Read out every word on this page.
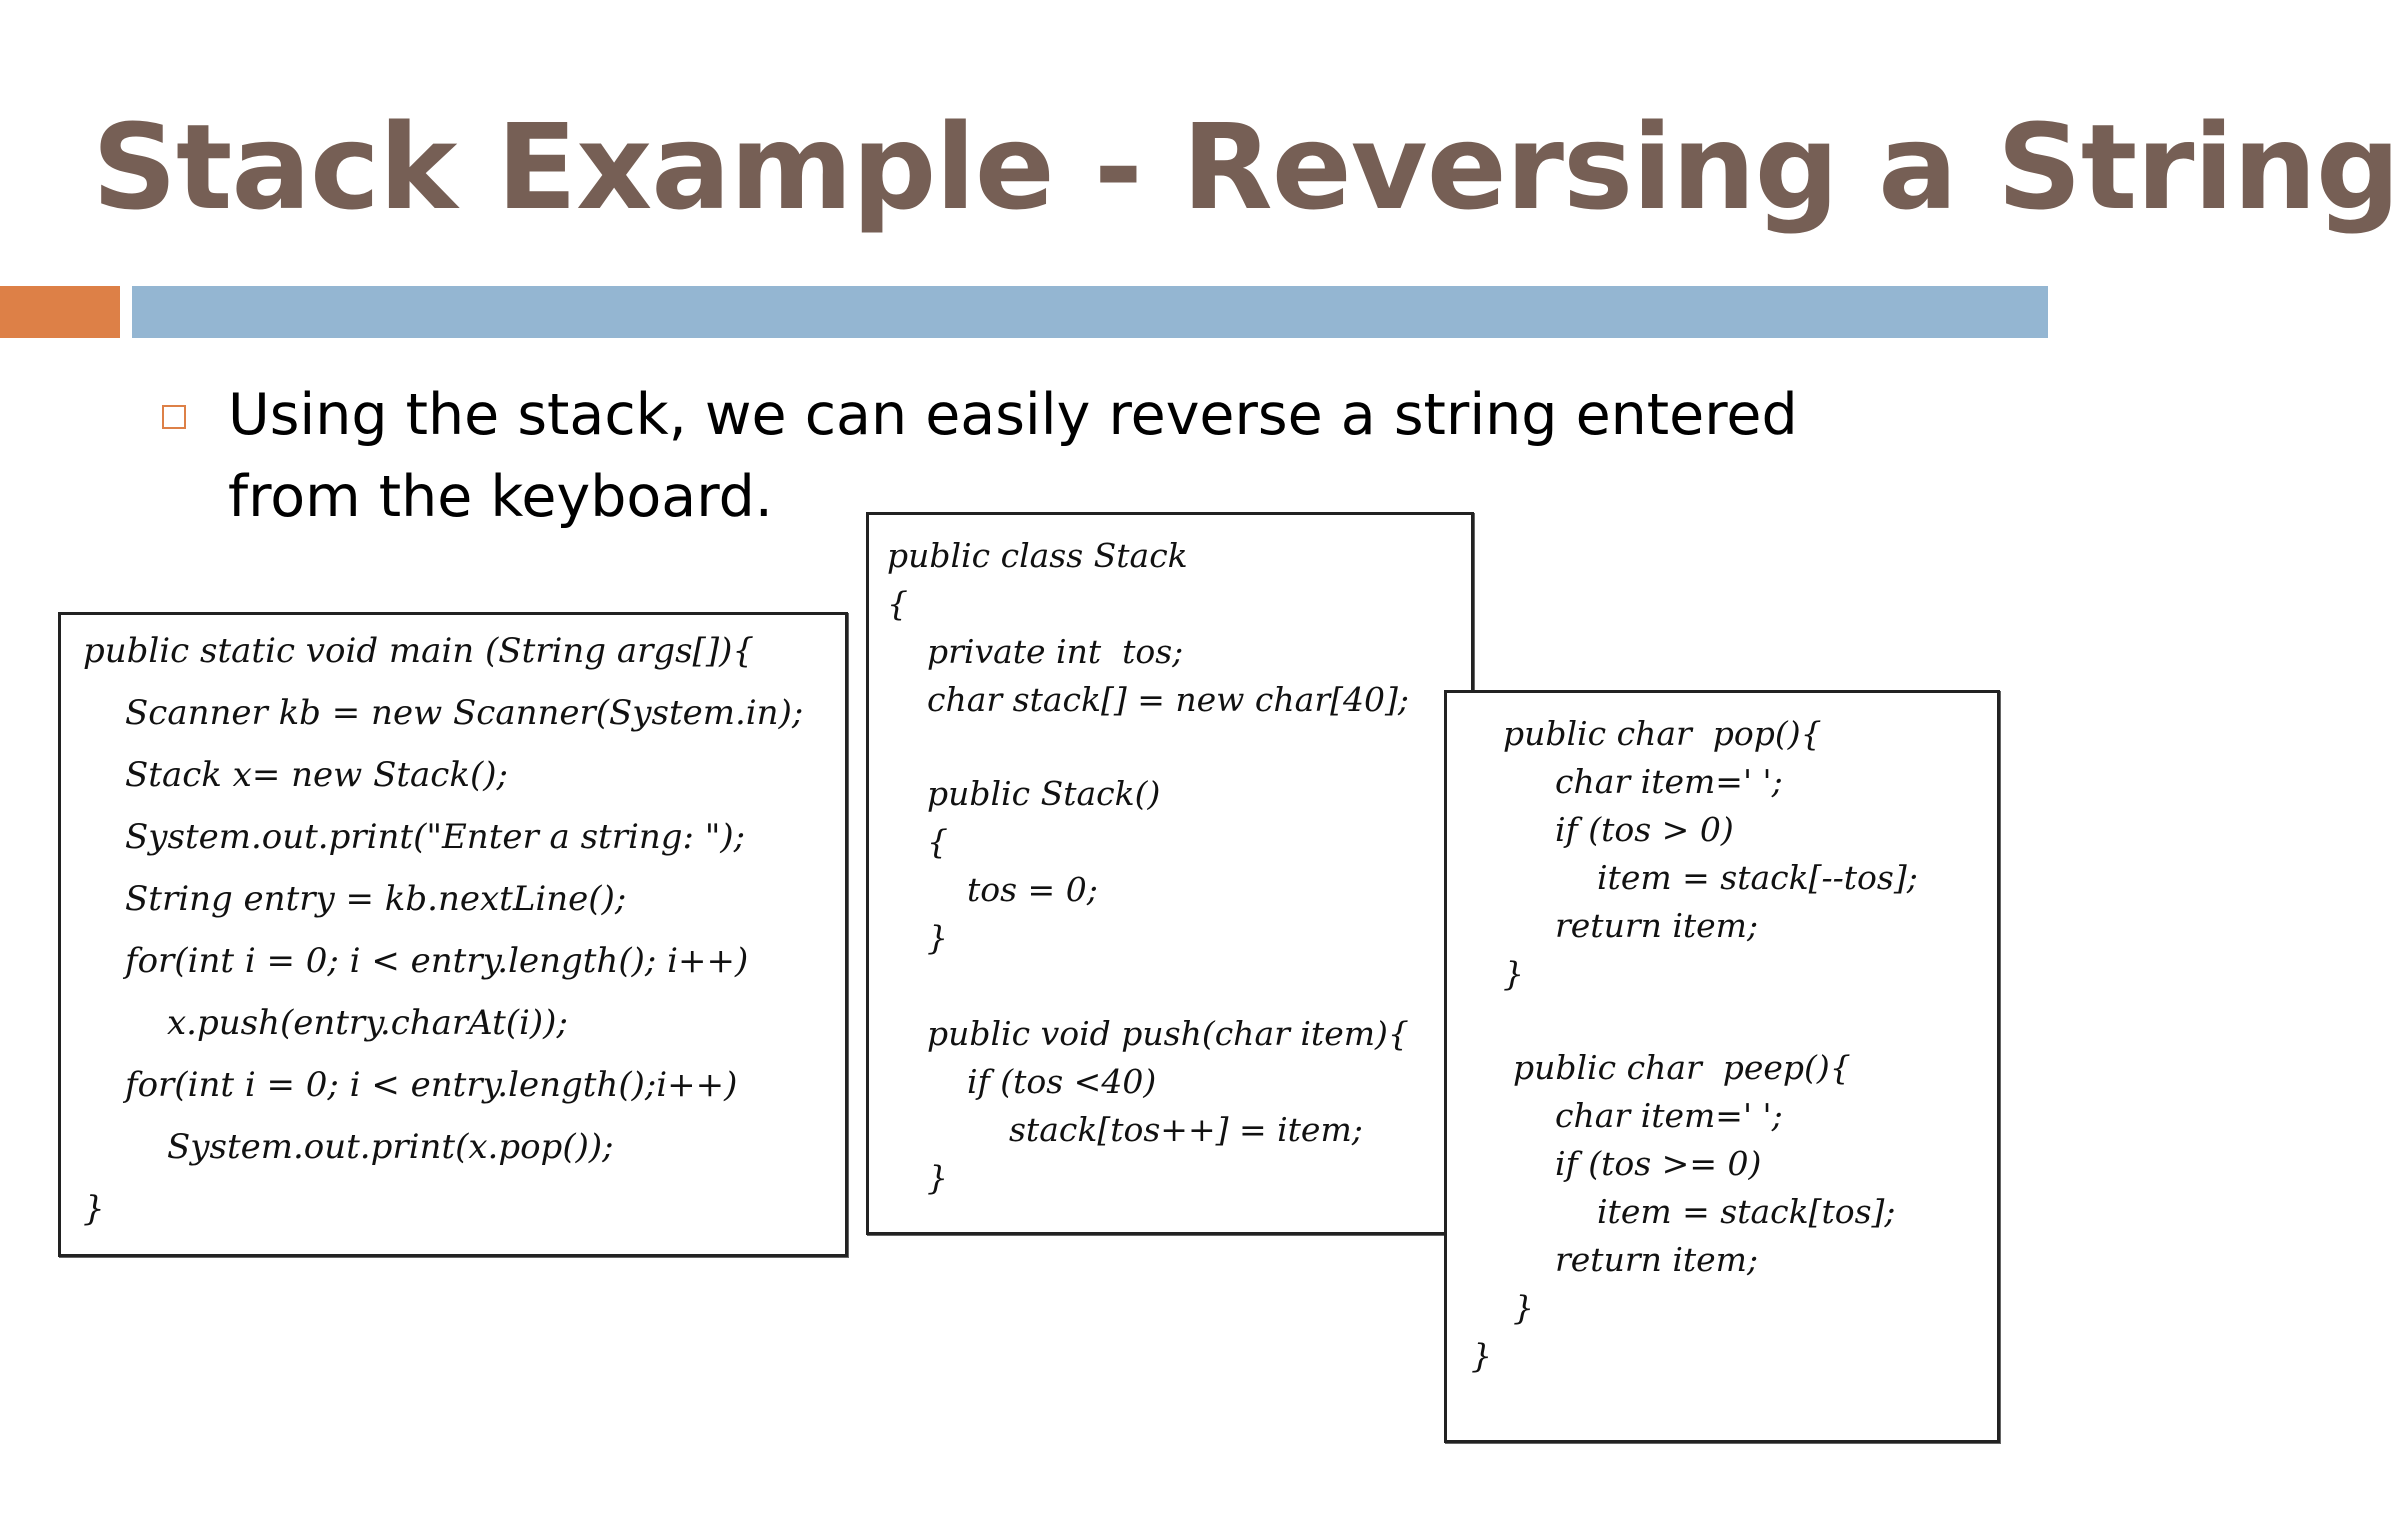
Stack Example - Reversing a String
Using the stack, we can easily reverse a string entered from the keyboard.
public static void main (String args[]){
Scanner kb = new Scanner(System.in);
Stack x= new Stack();
System.out.print("Enter a string: ");
String entry = kb.nextLine();
for(int i = 0; i < entry.length(); i++)
x.push(entry.charAt(i));
for(int i = 0; i < entry.length();i++)
System.out.print(x.pop());
}
public class Stack
{
private int  tos;
char stack[] = new char[40];
public Stack()
{
tos = 0;
}
public void push(char item){
if (tos <40)
stack[tos++] = item;
}
public char  pop(){
char item=' ';
if (tos > 0)
item = stack[--tos];
return item;
}
public char  peep(){
char item=' ';
if (tos >= 0)
item = stack[tos];
return item;
}
}
